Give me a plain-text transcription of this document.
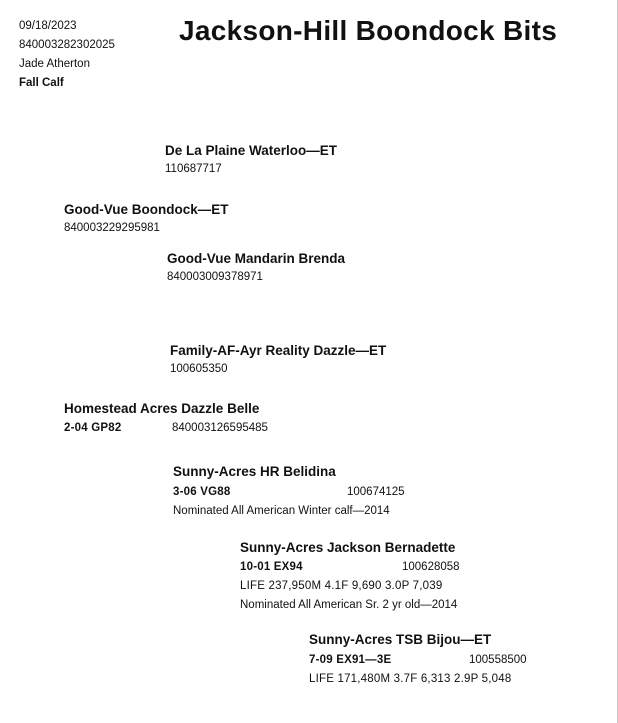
09/18/2023
840003282302025
Jade Atherton
Fall Calf
Jackson-Hill Boondock Bits
De La Plaine Waterloo—ET
110687717
Good-Vue Boondock—ET
840003229295981
Good-Vue Mandarin Brenda
840003009378971
Family-AF-Ayr Reality Dazzle—ET
100605350
Homestead Acres Dazzle Belle
2-04 GP82	840003126595485
Sunny-Acres HR Belidina
3-06 VG88	100674125
Nominated All American Winter calf—2014
Sunny-Acres Jackson Bernadette
10-01 EX94	100628058
LIFE 237,950M 4.1F 9,690 3.0P 7,039
Nominated All American Sr. 2 yr old—2014
Sunny-Acres TSB Bijou—ET
7-09 EX91—3E	100558500
LIFE 171,480M 3.7F 6,313 2.9P 5,048
